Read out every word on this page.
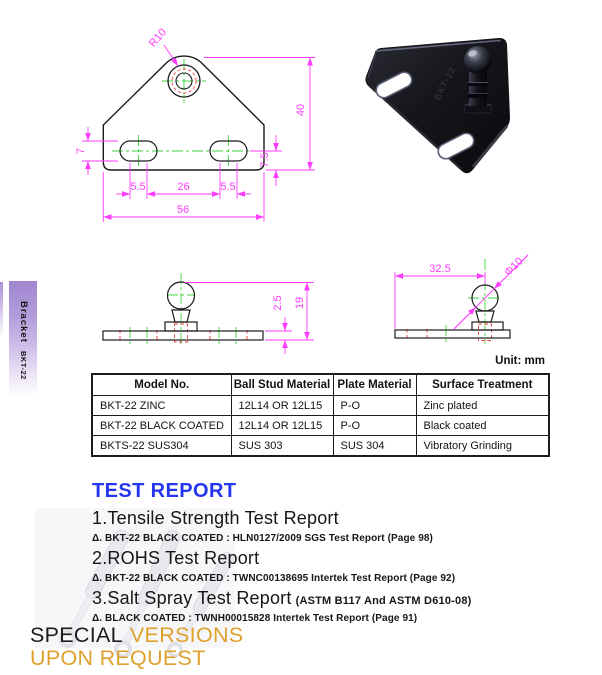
Bracket
BKT-22
R10
40
7
7.5
5.5	26	5.5
56
BKT-22
2.5 19
32.5	Φ10
Unit: mm
Model No.	Ball Stud Material	Plate Material	Surface Treatment
BKT-22 ZINC	12L14 OR 12L15	P-O	Zinc plated
BKT-22 BLACK COATED	12L14 OR 12L15	P-O	Black coated
BKTS-22 SUS304	SUS 303	SUS 304	Vibratory Grinding
TEST REPORT
1.Tensile Strength Test Report
Δ. BKT-22 BLACK COATED : HLN0127/2009 SGS Test Report (Page 98)
2.ROHS Test Report
Δ. BKT-22 BLACK COATED : TWNC00138695 Intertek Test Report (Page 92)
3.Salt Spray Test Report (ASTM B117 And ASTM D610-08)
Δ. BLACK COATED : TWNH00015828 Intertek Test Report (Page 91)
SPECIAL VERSIONS
UPON REQUEST
